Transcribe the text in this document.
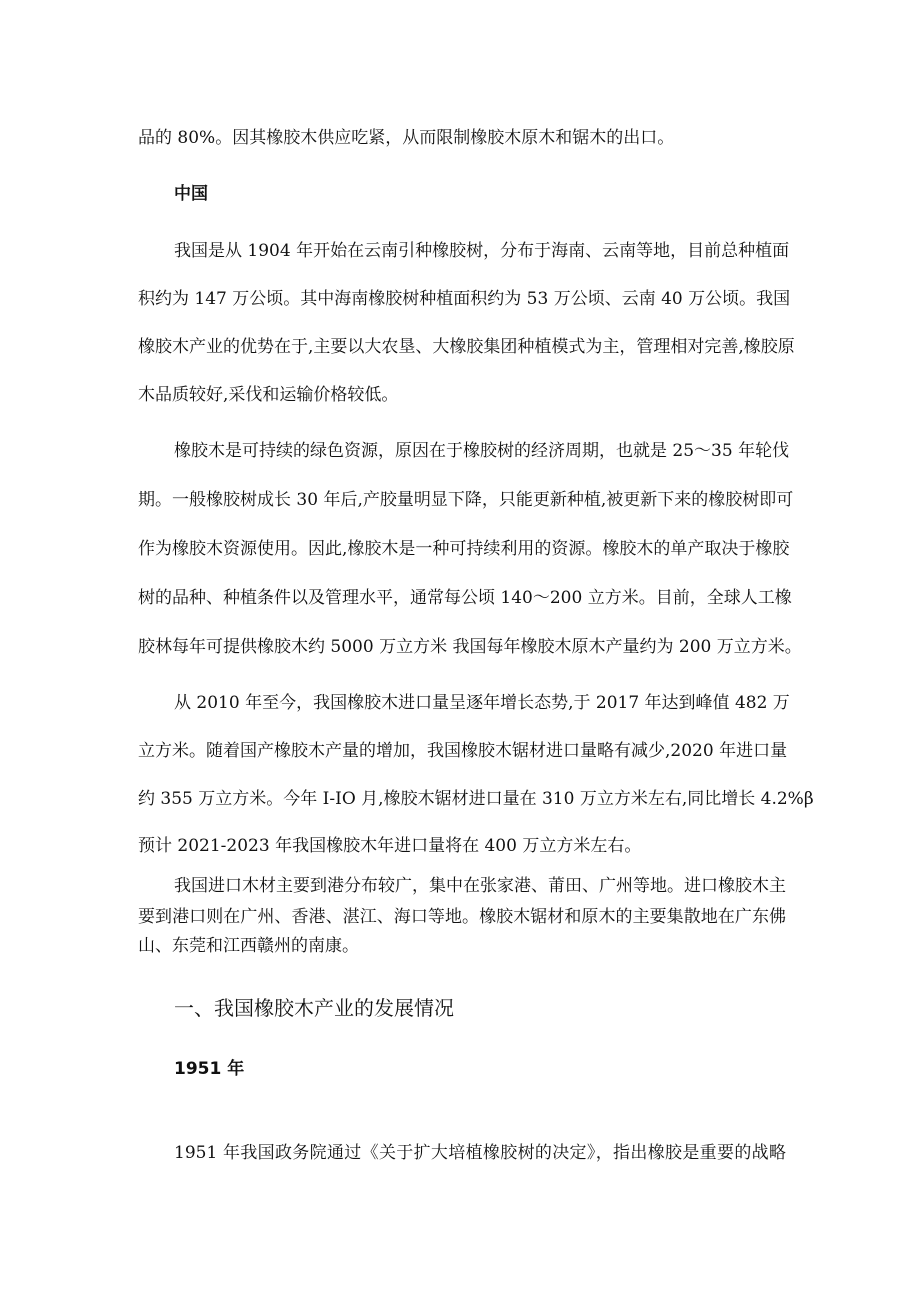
品的 80%。因其橡胶木供应吃紧，从而限制橡胶木原木和锯木的出口。
中国
我国是从 1904 年开始在云南引种橡胶树，分布于海南、云南等地，目前总种植面
积约为 147 万公顷。其中海南橡胶树种植面积约为 53 万公顷、云南 40 万公顷。我国
橡胶木产业的优势在于,主要以大农垦、大橡胶集团种植模式为主，管理相对完善,橡胶原
木品质较好,采伐和运输价格较低。
橡胶木是可持续的绿色资源，原因在于橡胶树的经济周期，也就是 25～35 年轮伐
期。一般橡胶树成长 30 年后,产胶量明显下降，只能更新种植,被更新下来的橡胶树即可
作为橡胶木资源使用。因此,橡胶木是一种可持续利用的资源。橡胶木的单产取决于橡胶
树的品种、种植条件以及管理水平，通常每公顷 140～200 立方米。目前，全球人工橡
胶林每年可提供橡胶木约 5000 万立方米 我国每年橡胶木原木产量约为 200 万立方米。
从 2010 年至今，我国橡胶木进口量呈逐年增长态势,于 2017 年达到峰值 482 万
立方米。随着国产橡胶木产量的增加，我国橡胶木锯材进口量略有减少,2020 年进口量
约 355 万立方米。今年 I-IO 月,橡胶木锯材进口量在 310 万立方米左右,同比增长 4.2%β
预计 2021-2023 年我国橡胶木年进口量将在 400 万立方米左右。
我国进口木材主要到港分布较广，集中在张家港、莆田、广州等地。进口橡胶木主
要到港口则在广州、香港、湛江、海口等地。橡胶木锯材和原木的主要集散地在广东佛
山、东莞和江西赣州的南康。
一、我国橡胶木产业的发展情况
1951 年
1951 年我国政务院通过《关于扩大培植橡胶树的决定》，指出橡胶是重要的战略
